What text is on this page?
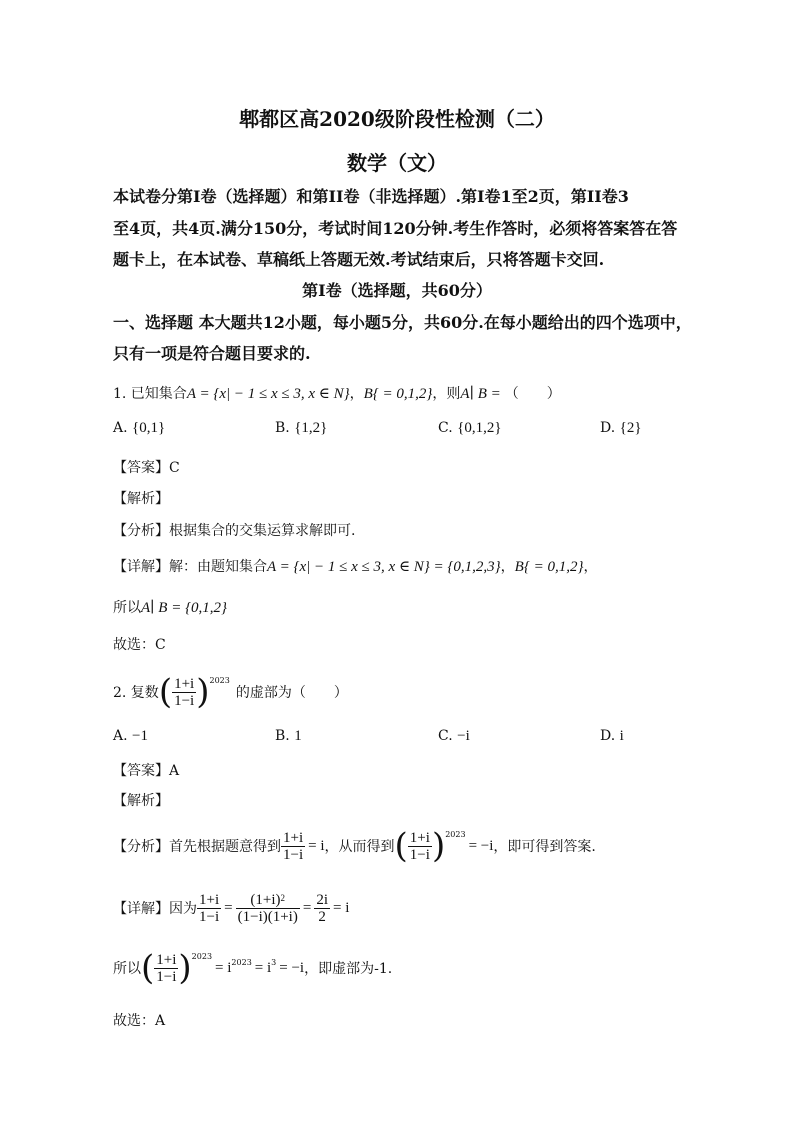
郫都区高2020级阶段性检测（二）
数学（文）
本试卷分第I卷（选择题）和第II卷（非选择题）.第I卷1至2页，第II卷3
至4页，共4页.满分150分，考试时间120分钟.考生作答时，必须将答案答在答
题卡上，在本试卷、草稿纸上答题无效.考试结束后，只将答题卡交回.
第I卷（选择题，共60分）
一、选择题 本大题共12小题，每小题5分，共60分.在每小题给出的四个选项中，
只有一项是符合题目要求的.
1. 已知集合A = {x| − 1 ≤ x ≤ 3, x ∈ N}，B{ = 0,1,2}，则A∣ B = （　　）
A. {0,1}	B. {1,2}	C. {0,1,2}	D. {2}
【答案】C
【解析】
【分析】根据集合的交集运算求解即可.
【详解】解：由题知集合A = {x| − 1 ≤ x ≤ 3, x ∈ N} = {0,1,2,3}，B{ = 0,1,2}，
所以A∣ B = {0,1,2}
故选：C
2. 复数 ( $\frac{1+i}{1-i}$ ) 2023
的虚部为（　　）
A. −1	B. 1	C. −i	D. i
【答案】A
【解析】
【分析】 首先根据题意得到 $\frac{1+i}{1-i} = i$ ，从而得到 ( $\frac{1+i}{1-i}$ ) 2023
= −i ，即可得到答案.
【详解】 因为 $\frac{1+i}{1-i} = \frac{(1+i)^2}{(1-i)(1+i)} = \frac{2i}{2} = i$
所以 ( $\frac{1+i}{1-i}$ ) 2023
= i 2023 = i 3 = −i ，即虚部为-1.
故选：A
